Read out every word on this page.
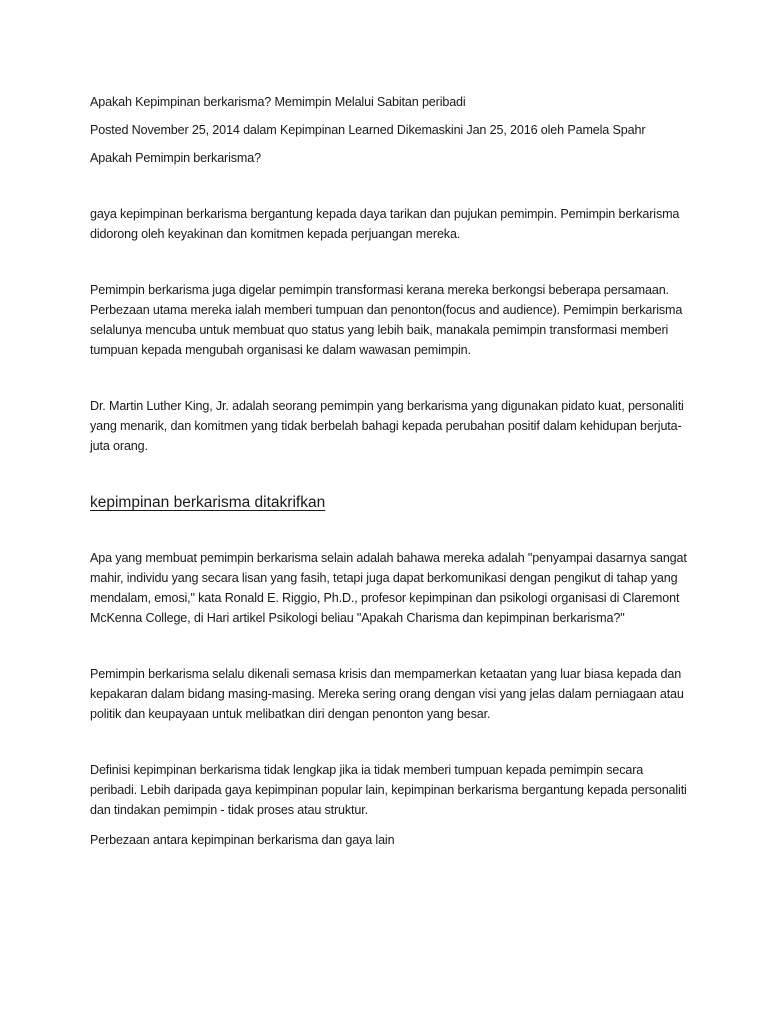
Apakah Kepimpinan berkarisma? Memimpin Melalui Sabitan peribadi

Posted November 25, 2014 dalam Kepimpinan Learned Dikemaskini Jan 25, 2016 oleh Pamela Spahr

Apakah Pemimpin berkarisma?

gaya kepimpinan berkarisma bergantung kepada daya tarikan dan pujukan pemimpin. Pemimpin berkarisma didorong oleh keyakinan dan komitmen kepada perjuangan mereka.

Pemimpin berkarisma juga digelar pemimpin transformasi kerana mereka berkongsi beberapa persamaan. Perbezaan utama mereka ialah memberi tumpuan dan penonton(focus and audience). Pemimpin berkarisma selalunya mencuba untuk membuat quo status yang lebih baik, manakala pemimpin transformasi memberi tumpuan kepada mengubah organisasi ke dalam wawasan pemimpin.

Dr. Martin Luther King, Jr. adalah seorang pemimpin yang berkarisma yang digunakan pidato kuat, personaliti yang menarik, dan komitmen yang tidak berbelah bahagi kepada perubahan positif dalam kehidupan berjuta-juta orang.

kepimpinan berkarisma ditakrifkan

Apa yang membuat pemimpin berkarisma selain adalah bahawa mereka adalah "penyampai dasarnya sangat mahir, individu yang secara lisan yang fasih, tetapi juga dapat berkomunikasi dengan pengikut di tahap yang mendalam, emosi," kata Ronald E. Riggio, Ph.D., profesor kepimpinan dan psikologi organisasi di Claremont McKenna College, di Hari artikel Psikologi beliau "Apakah Charisma dan kepimpinan berkarisma?"

Pemimpin berkarisma selalu dikenali semasa krisis dan mempamerkan ketaatan yang luar biasa kepada dan kepakaran dalam bidang masing-masing. Mereka sering orang dengan visi yang jelas dalam perniagaan atau politik dan keupayaan untuk melibatkan diri dengan penonton yang besar.

Definisi kepimpinan berkarisma tidak lengkap jika ia tidak memberi tumpuan kepada pemimpin secara peribadi. Lebih daripada gaya kepimpinan popular lain, kepimpinan berkarisma bergantung kepada personaliti dan tindakan pemimpin - tidak proses atau struktur.

Perbezaan antara kepimpinan berkarisma dan gaya lain
